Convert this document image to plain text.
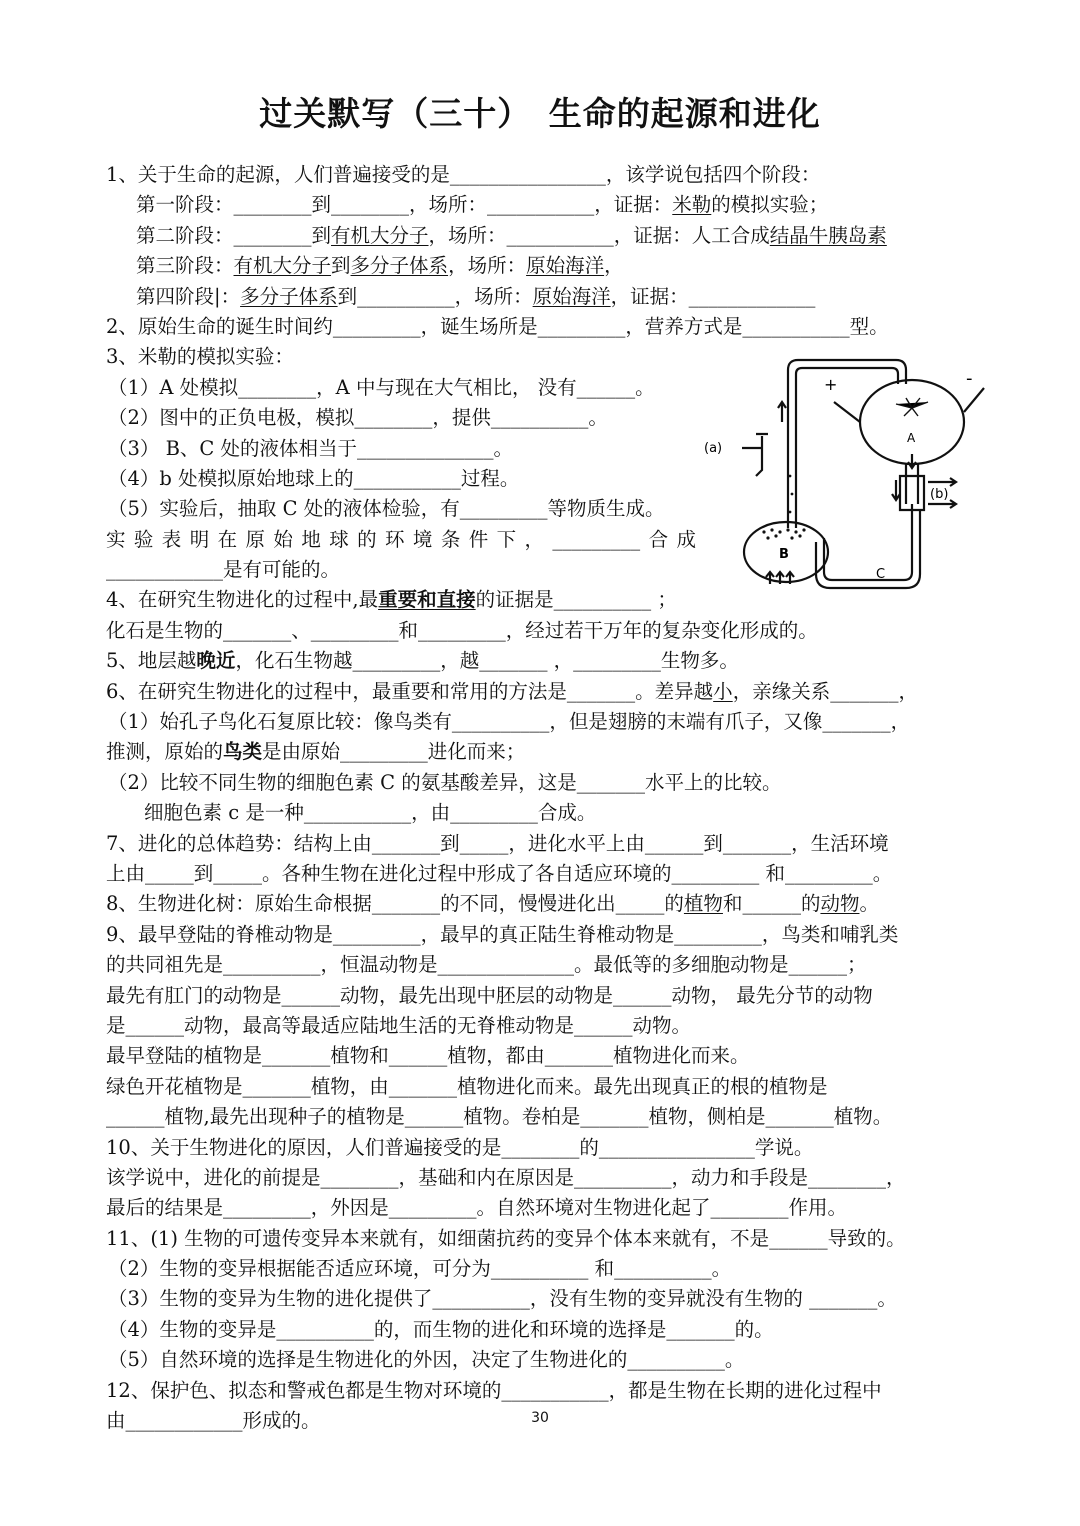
过关默写（三十）　生命的起源和进化
1、关于生命的起源，人们普遍接受的是________________，该学说包括四个阶段：
第一阶段：________到________，场所：___________，证据：米勒的模拟实验；
第二阶段：________到有机大分子，场所：___________，证据：人工合成结晶牛胰岛素
第三阶段：有机大分子到多分子体系，场所：原始海洋，
第四阶段|：多分子体系到__________，场所：原始海洋，证据：_____________
2、原始生命的诞生时间约_________，诞生场所是_________，营养方式是___________型。
3、米勒的模拟实验：
（1）A 处模拟________，A 中与现在大气相比， 没有______。
（2）图中的正负电极，模拟________，提供__________。
（3） B、C 处的液体相当于______________。
（4）b 处模拟原始地球上的___________过程。
（5）实验后，抽取 C 处的液体检验，有_________等物质生成。
实验表明在原始地球的环境条件下，_________合成
____________是有可能的。
4、在研究生物进化的过程中,最重要和直接的证据是__________ ；
化石是生物的_______、_________和_________，经过若干万年的复杂变化形成的。
5、地层越晚近，化石生物越_________，越_______ ，_________生物多。
6、在研究生物进化的过程中，最重要和常用的方法是_______。差异越小，亲缘关系_______，
（1）始孔子鸟化石复原比较：像鸟类有__________，但是翅膀的末端有爪子，又像_______，
推测，原始的鸟类是由原始_________进化而来；
（2）比较不同生物的细胞色素 C 的氨基酸差异，这是_______水平上的比较。
细胞色素 c 是一种___________，由_________合成。
7、进化的总体趋势：结构上由_______到_____，进化水平上由______到_______，生活环境
上由_____到_____。各种生物在进化过程中形成了各自适应环境的_________ 和_________。
8、生物进化树：原始生命根据_______的不同，慢慢进化出_____的植物和______的动物。
9、最早登陆的脊椎动物是_________，最早的真正陆生脊椎动物是_________，鸟类和哺乳类
的共同祖先是__________，恒温动物是______________。最低等的多细胞动物是______；
最先有肛门的动物是______动物，最先出现中胚层的动物是______动物， 最先分节的动物
是______动物，最高等最适应陆地生活的无脊椎动物是______动物。
最早登陆的植物是_______植物和______植物，都由_______植物进化而来。
绿色开花植物是_______植物，由_______植物进化而来。最先出现真正的根的植物是
______植物,最先出现种子的植物是______植物。卷柏是_______植物，侧柏是_______植物。
10、关于生物进化的原因，人们普遍接受的是________的________________学说。
该学说中，进化的前提是________，基础和内在原因是__________，动力和手段是________，
最后的结果是_________，外因是_________。自然环境对生物进化起了________作用。
11、(1) 生物的可遗传变异本来就有，如细菌抗药的变异个体本来就有，不是______导致的。
（2）生物的变异根据能否适应环境，可分为__________ 和__________。
（3）生物的变异为生物的进化提供了__________，没有生物的变异就没有生物的 _______。
（4）生物的变异是__________的，而生物的进化和环境的选择是_______的。
（5）自然环境的选择是生物进化的外因，决定了生物进化的__________。
12、保护色、拟态和警戒色都是生物对环境的___________，都是生物在长期的进化过程中
由____________形成的。
(a)
(b)
A
B
C
+	-
30
